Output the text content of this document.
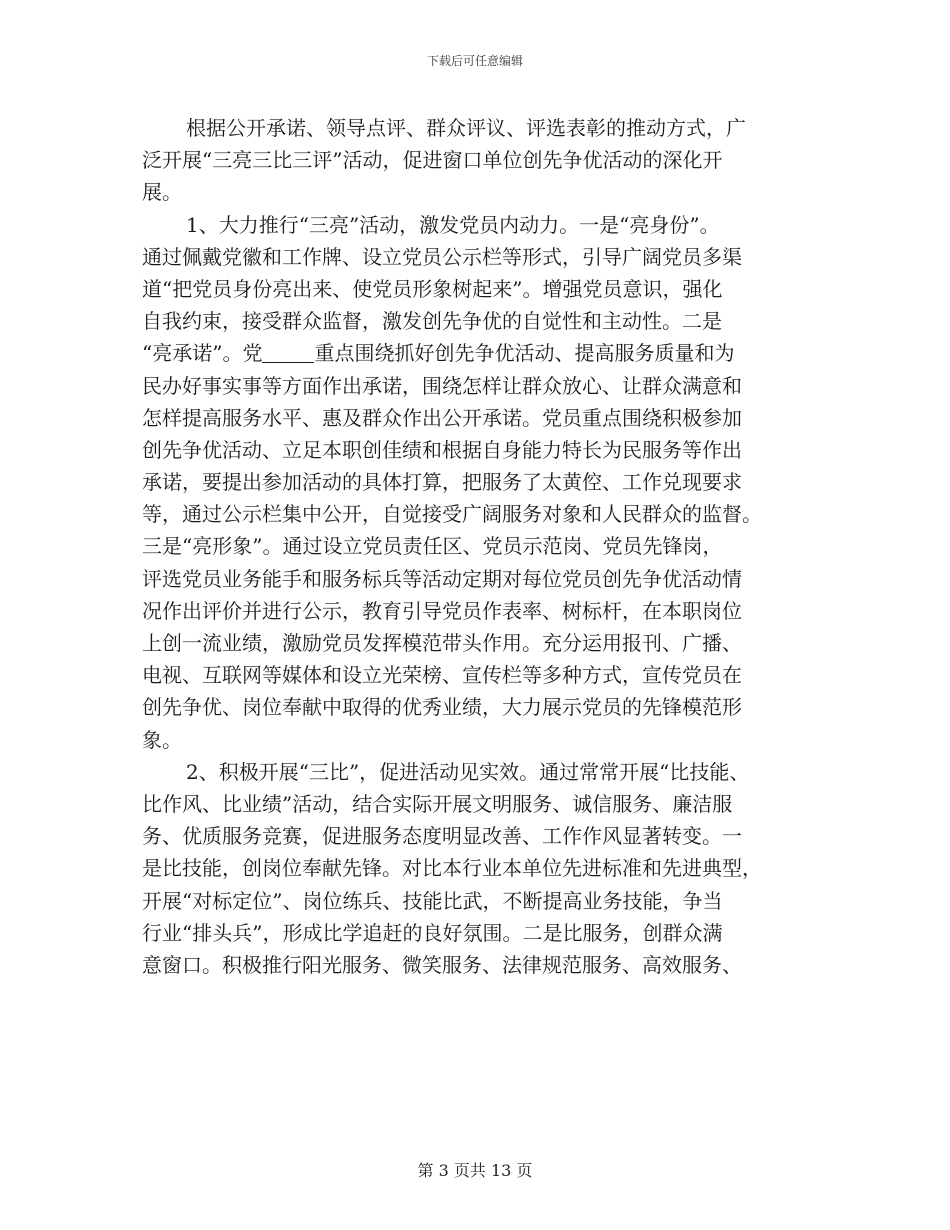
下载后可任意编辑
根据公开承诺、领导点评、群众评议、评选表彰的推动方式，广
泛开展“三亮三比三评”活动，促进窗口单位创先争优活动的深化开
展。
1、大力推行“三亮”活动，激发党员内动力。一是“亮身份”。
通过佩戴党徽和工作牌、设立党员公示栏等形式，引导广阔党员多渠
道“把党员身份亮出来、使党员形象树起来”。增强党员意识，强化
自我约束，接受群众监督，激发创先争优的自觉性和主动性。二是
“亮承诺”。党	重点围绕抓好创先争优活动、提高服务质量和为
民办好事实事等方面作出承诺，围绕怎样让群众放心、让群众满意和
怎样提高服务水平、惠及群众作出公开承诺。党员重点围绕积极参加
创先争优活动、立足本职创佳绩和根据自身能力特长为民服务等作出
承诺，要提出参加活动的具体打算，把服务了太黄倥、工作兑现要求
等，通过公示栏集中公开，自觉接受广阔服务对象和人民群众的监督。
三是“亮形象”。通过设立党员责任区、党员示范岗、党员先锋岗，
评选党员业务能手和服务标兵等活动定期对每位党员创先争优活动情
况作出评价并进行公示，教育引导党员作表率、树标杆，在本职岗位
上创一流业绩，激励党员发挥模范带头作用。充分运用报刊、广播、
电视、互联网等媒体和设立光荣榜、宣传栏等多种方式，宣传党员在
创先争优、岗位奉献中取得的优秀业绩，大力展示党员的先锋模范形
象。
2、积极开展“三比”，促进活动见实效。通过常常开展“比技能、
比作风、比业绩”活动，结合实际开展文明服务、诚信服务、廉洁服
务、优质服务竞赛，促进服务态度明显改善、工作作风显著转变。一
是比技能，创岗位奉献先锋。对比本行业本单位先进标准和先进典型，
开展“对标定位”、岗位练兵、技能比武，不断提高业务技能，争当
行业“排头兵”，形成比学追赶的良好氛围。二是比服务，创群众满
意窗口。积极推行阳光服务、微笑服务、法律规范服务、高效服务、
第 3 页共 13 页
